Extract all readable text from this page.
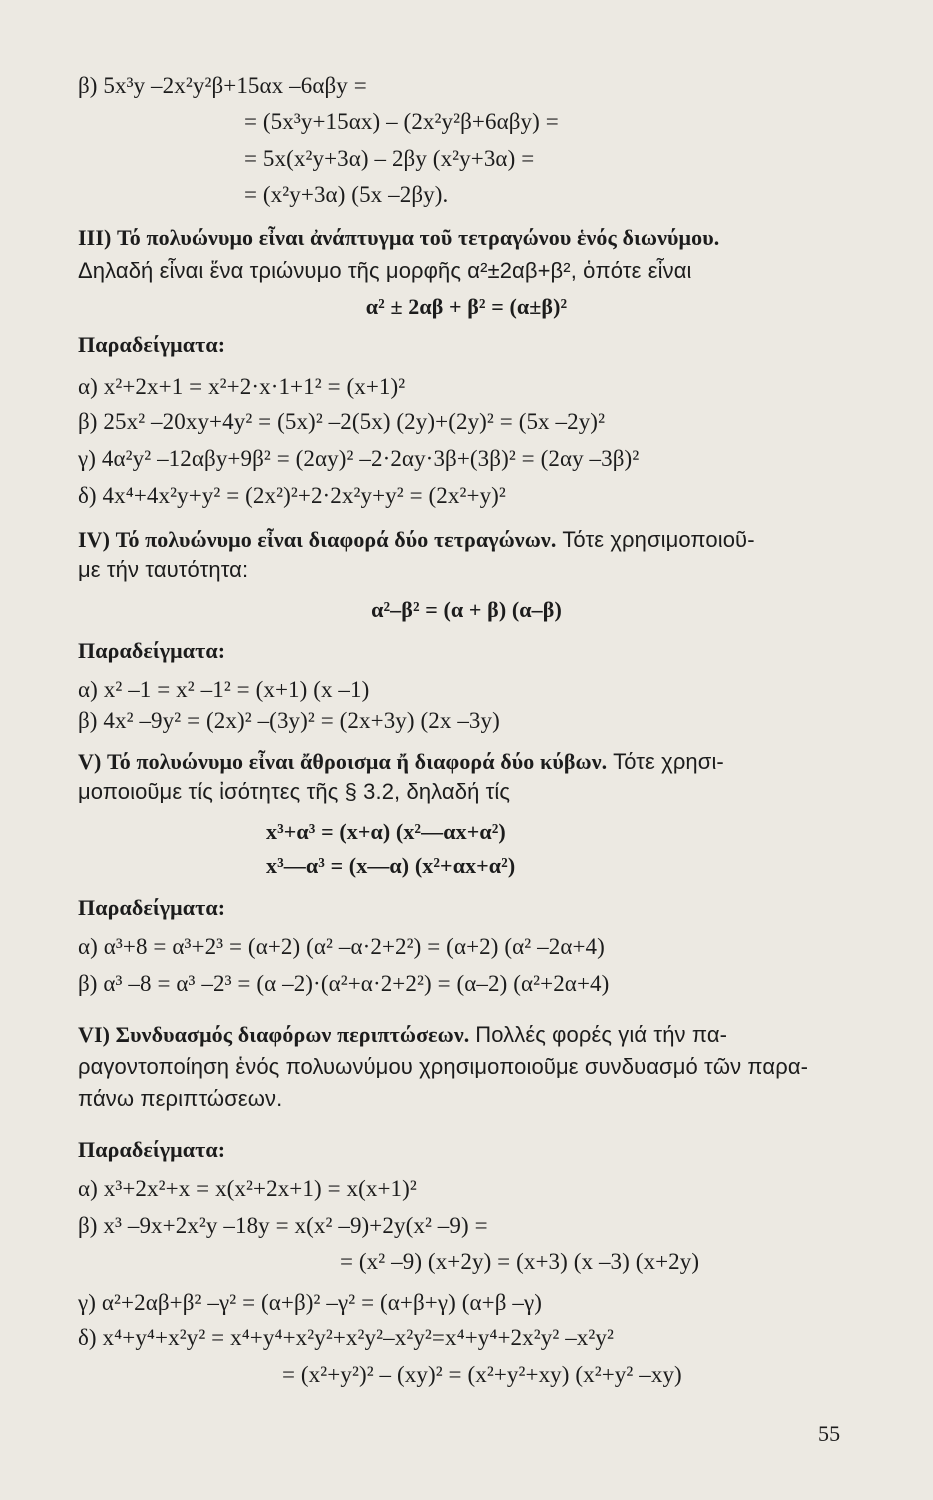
β) 5x³y –2x²y²β+15αx –6αβy =
= (5x³y+15αx) – (2x²y²β+6αβy) =
= 5x(x²y+3α) – 2βy (x²y+3α) =
= (x²y+3α) (5x –2βy).
III) Τό πολυώνυμο εἶναι ἀνάπτυγμα τοῦ τετραγώνου ἑνός διωνύμου.
Δηλαδή εἶναι ἕνα τριώνυμο τῆς μορφῆς α²±2αβ+β², ὁπότε εἶναι
α² ± 2αβ + β² = (α±β)²
Παραδείγματα:
α) x²+2x+1 = x²+2·x·1+1² = (x+1)²
β) 25x² –20xy+4y² = (5x)² –2(5x) (2y)+(2y)² = (5x –2y)²
γ) 4α²y² –12αβy+9β² = (2αy)² –2·2αy·3β+(3β)² = (2αy –3β)²
δ) 4x⁴+4x²y+y² = (2x²)²+2·2x²y+y² = (2x²+y)²
IV) Τό πολυώνυμο εἶναι διαφορά δύο τετραγώνων. Τότε χρησιμοποιοῦ-
με τήν ταυτότητα:
α²–β² = (α + β) (α–β)
Παραδείγματα:
α) x² –1 = x² –1² = (x+1) (x –1)
β) 4x² –9y² = (2x)² –(3y)² = (2x+3y) (2x –3y)
V) Τό πολυώνυμο εἶναι ἄθροισμα ἤ διαφορά δύο κύβων. Τότε χρησι-
μοποιοῦμε τίς ἰσότητες τῆς § 3.2, δηλαδή τίς
x³+α³ = (x+α) (x²—αx+α²)
x³—α³ = (x—α) (x²+αx+α²)
Παραδείγματα:
α) α³+8 = α³+2³ = (α+2) (α² –α·2+2²) = (α+2) (α² –2α+4)
β) α³ –8 = α³ –2³ = (α –2)·(α²+α·2+2²) = (α–2) (α²+2α+4)
VI) Συνδυασμός διαφόρων περιπτώσεων. Πολλές φορές γιά τήν πα-
ραγοντοποίηση ἑνός πολυωνύμου χρησιμοποιοῦμε συνδυασμό τῶν παρα-
πάνω περιπτώσεων.
Παραδείγματα:
α) x³+2x²+x = x(x²+2x+1) = x(x+1)²
β) x³ –9x+2x²y –18y = x(x² –9)+2y(x² –9) =
= (x² –9) (x+2y) = (x+3) (x –3) (x+2y)
γ) α²+2αβ+β² –γ² = (α+β)² –γ² = (α+β+γ) (α+β –γ)
δ) x⁴+y⁴+x²y² = x⁴+y⁴+x²y²+x²y²–x²y²=x⁴+y⁴+2x²y² –x²y²
= (x²+y²)² – (xy)² = (x²+y²+xy) (x²+y² –xy)
55
